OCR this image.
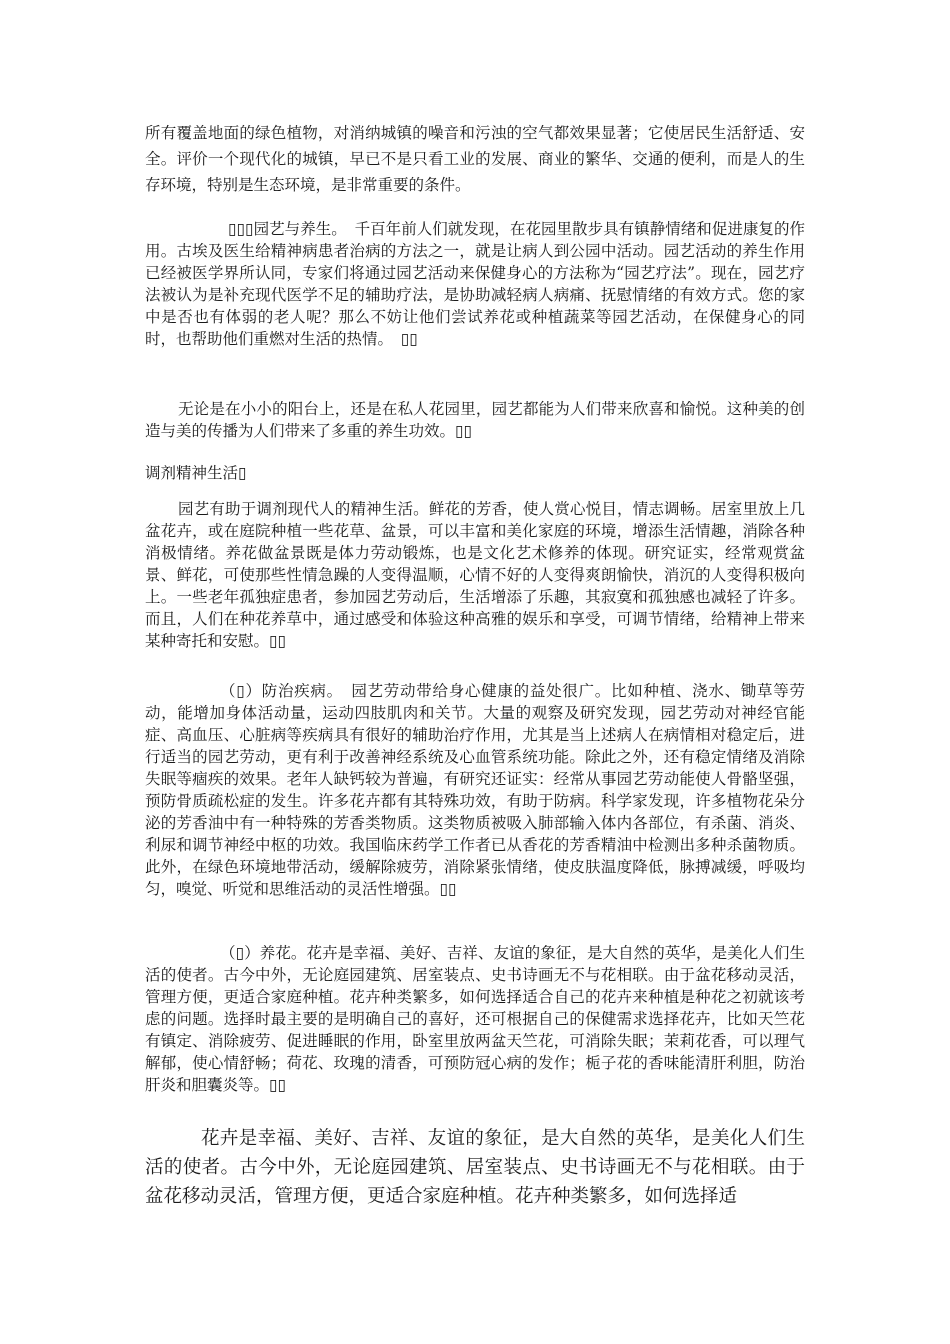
所有覆盖地面的绿色植物，对消纳城镇的噪音和污浊的空气都效果显著；它使居民生活舒适、安全。评价一个现代化的城镇，早已不是只看工业的发展、商业的繁华、交通的便利，而是人的生存环境，特别是生态环境，是非常重要的条件。

▯▯▯园艺与养生。　千百年前人们就发现，在花园里散步具有镇静情绪和促进康复的作用。古埃及医生给精神病患者治病的方法之一，就是让病人到公园中活动。园艺活动的养生作用已经被医学界所认同，专家们将通过园艺活动来保健身心的方法称为“园艺疗法”。现在，园艺疗法被认为是补充现代医学不足的辅助疗法，是协助减轻病人病痛、抚慰情绪的有效方式。您的家中是否也有体弱的老人呢？那么不妨让他们尝试养花或种植蔬菜等园艺活动，在保健身心的同时，也帮助他们重燃对生活的热情。　▯▯

无论是在小小的阳台上，还是在私人花园里，园艺都能为人们带来欣喜和愉悦。这种美的创造与美的传播为人们带来了多重的养生功效。▯▯

调剂精神生活▯

园艺有助于调剂现代人的精神生活。鲜花的芳香，使人赏心悦目，情志调畅。居室里放上几盆花卉，或在庭院种植一些花草、盆景，可以丰富和美化家庭的环境，增添生活情趣，消除各种消极情绪。养花做盆景既是体力劳动锻炼，也是文化艺术修养的体现。研究证实，经常观赏盆景、鲜花，可使那些性情急躁的人变得温顺，心情不好的人变得爽朗愉快，消沉的人变得积极向上。一些老年孤独症患者，参加园艺劳动后，生活增添了乐趣，其寂寞和孤独感也减轻了许多。而且，人们在种花养草中，通过感受和体验这种高雅的娱乐和享受，可调节情绪，给精神上带来某种寄托和安慰。▯▯

（▯）防治疾病。　园艺劳动带给身心健康的益处很广。比如种植、浇水、锄草等劳动，能增加身体活动量，运动四肢肌肉和关节。大量的观察及研究发现，园艺劳动对神经官能症、高血压、心脏病等疾病具有很好的辅助治疗作用，尤其是当上述病人在病情相对稳定后，进行适当的园艺劳动，更有利于改善神经系统及心血管系统功能。除此之外，还有稳定情绪及消除失眠等痼疾的效果。老年人缺钙较为普遍，有研究还证实：经常从事园艺劳动能使人骨骼坚强，预防骨质疏松症的发生。许多花卉都有其特殊功效，有助于防病。科学家发现，许多植物花朵分泌的芳香油中有一种特殊的芳香类物质。这类物质被吸入肺部输入体内各部位，有杀菌、消炎、利尿和调节神经中枢的功效。我国临床药学工作者已从香花的芳香精油中检测出多种杀菌物质。此外，在绿色环境地带活动，缓解除疲劳，消除紧张情绪，使皮肤温度降低，脉搏减缓，呼吸均匀，嗅觉、听觉和思维活动的灵活性增强。▯▯

（▯）养花。花卉是幸福、美好、吉祥、友谊的象征，是大自然的英华，是美化人们生活的使者。古今中外，无论庭园建筑、居室装点、史书诗画无不与花相联。由于盆花移动灵活，管理方便，更适合家庭种植。花卉种类繁多，如何选择适合自己的花卉来种植是种花之初就该考虑的问题。选择时最主要的是明确自己的喜好，还可根据自己的保健需求选择花卉，比如天竺花有镇定、消除疲劳、促进睡眠的作用，卧室里放两盆天竺花，可消除失眠；茉莉花香，可以理气解郁，使心情舒畅；荷花、玫瑰的清香，可预防冠心病的发作；栀子花的香味能清肝利胆，防治肝炎和胆囊炎等。▯▯

花卉是幸福、美好、吉祥、友谊的象征，是大自然的英华，是美化人们生活的使者。古今中外，无论庭园建筑、居室装点、史书诗画无不与花相联。由于盆花移动灵活，管理方便，更适合家庭种植。花卉种类繁多，如何选择适
